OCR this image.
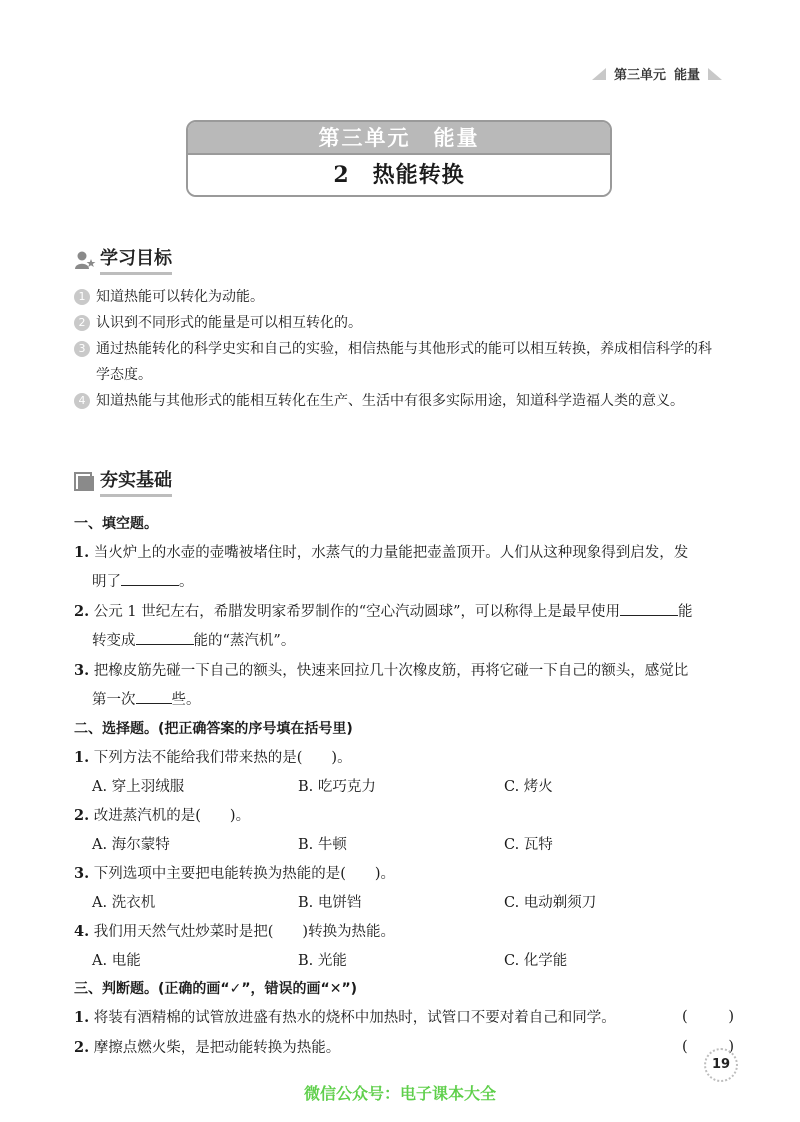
第三单元 能量
第三单元　能量
2　热能转换
学习目标
1 知道热能可以转化为动能。
2 认识到不同形式的能量是可以相互转化的。
3 通过热能转化的科学史实和自己的实验，相信热能与其他形式的能可以相互转换，养成相信科学的科学态度。
4 知道热能与其他形式的能相互转化在生产、生活中有很多实际用途，知道科学造福人类的意义。
夯实基础
一、填空题。
1. 当火炉上的水壶的壶嘴被堵住时，水蒸气的力量能把壶盖顶开。人们从这种现象得到启发，发
明了	。
2. 公元 1 世纪左右，希腊发明家希罗制作的“空心汽动圆球”，可以称得上是最早使用	能
转变成	能的“蒸汽机”。
3. 把橡皮筋先碰一下自己的额头，快速来回拉几十次橡皮筋，再将它碰一下自己的额头，感觉比
第一次 些。
二、选择题。(把正确答案的序号填在括号里)
1. 下列方法不能给我们带来热的是(　　)。
A. 穿上羽绒服	B. 吃巧克力	C. 烤火
2. 改进蒸汽机的是(　　)。
A. 海尔蒙特	B. 牛顿	C. 瓦特
3. 下列选项中主要把电能转换为热能的是(　　)。
A. 洗衣机	B. 电饼铛	C. 电动剃须刀
4. 我们用天然气灶炒菜时是把(　　)转换为热能。
A. 电能	B. 光能	C. 化学能
三、判断题。(正确的画“✓”，错误的画“✕”)
1. 将装有酒精棉的试管放进盛有热水的烧杯中加热时，试管口不要对着自己和同学。	(	)
2. 摩擦点燃火柴，是把动能转换为热能。	(	)
19
微信公众号：电子课本大全
